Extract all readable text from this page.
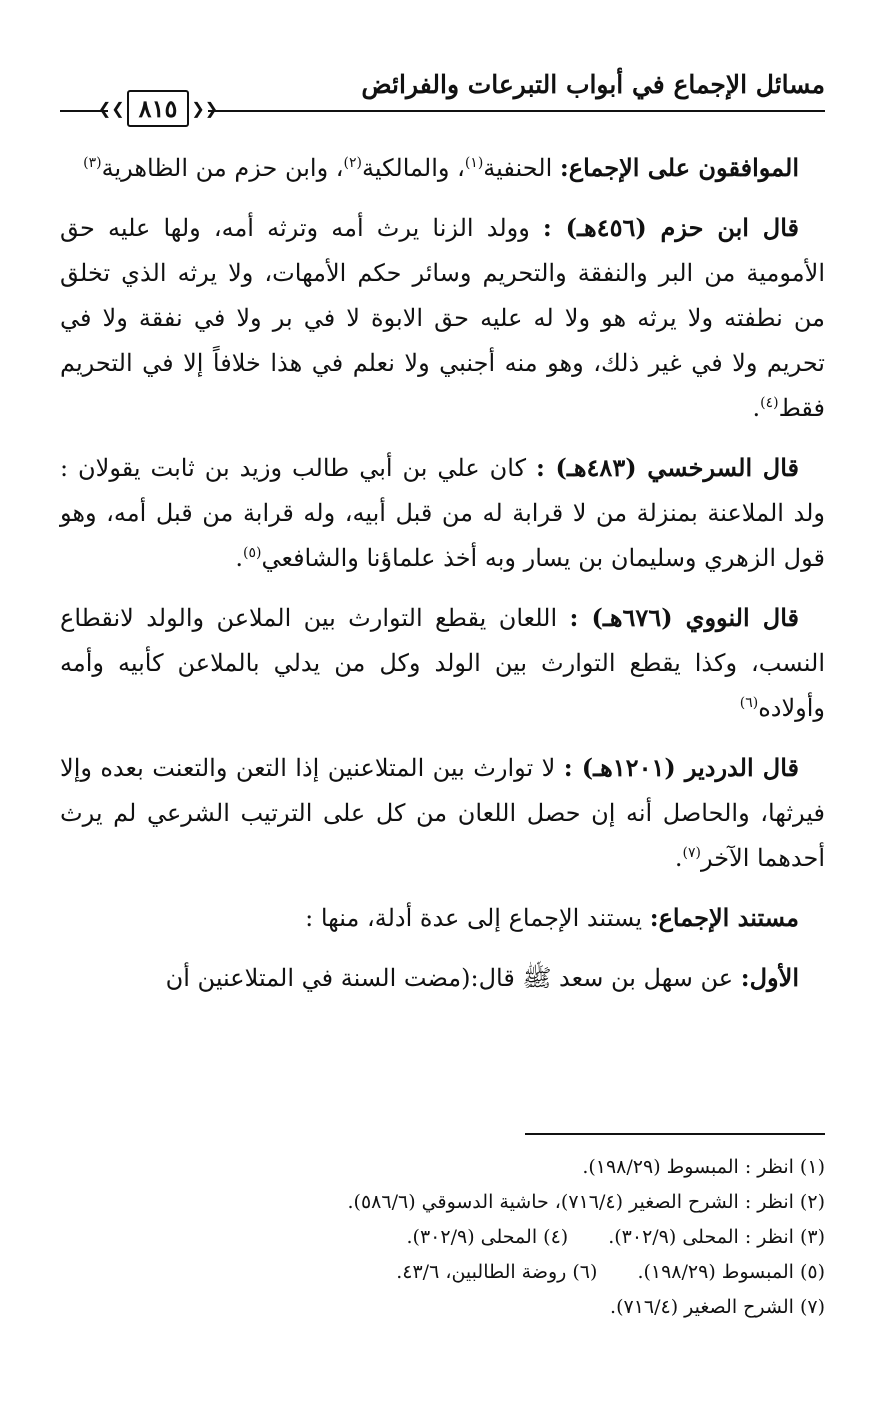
مسائل الإجماع في أبواب التبرعات والفرائض
❮❮ ٨١٥ ❯❯

الموافقون على الإجماع: الحنفية$^{(١)}$، والمالكية$^{(٢)}$، وابن حزم من الظاهرية$^{(٣)}$

قال ابن حزم (٤٥٦هـ) : وولد الزنا يرث أمه وترثه أمه، ولها عليه حق الأمومية من البر والنفقة والتحريم وسائر حكم الأمهات، ولا يرثه الذي تخلق من نطفته ولا يرثه هو ولا له عليه حق الابوة لا في بر ولا في نفقة ولا في تحريم ولا في غير ذلك، وهو منه أجنبي ولا نعلم في هذا خلافاً إلا في التحريم فقط$^{(٤)}$.

قال السرخسي (٤٨٣هـ) : كان علي بن أبي طالب وزيد بن ثابت يقولان : ولد الملاعنة بمنزلة من لا قرابة له من قبل أبيه، وله قرابة من قبل أمه، وهو قول الزهري وسليمان بن يسار وبه أخذ علماؤنا والشافعي$^{(٥)}$.

قال النووي (٦٧٦هـ) : اللعان يقطع التوارث بين الملاعن والولد لانقطاع النسب، وكذا يقطع التوارث بين الولد وكل من يدلي بالملاعن كأبيه وأمه وأولاده$^{(٦)}$

قال الدردير (١٢٠١هـ) : لا توارث بين المتلاعنين إذا التعن والتعنت بعده وإلا فيرثها، والحاصل أنه إن حصل اللعان من كل على الترتيب الشرعي لم يرث أحدهما الآخر$^{(٧)}$.

مستند الإجماع: يستند الإجماع إلى عدة أدلة، منها :

الأول: عن سهل بن سعد ﷺ قال:(مضت السنة في المتلاعنين أن

(١) انظر : المبسوط (١٩٨/٢٩).
(٢) انظر : الشرح الصغير (٧١٦/٤)، حاشية الدسوقي (٥٨٦/٦).
(٣) انظر : المحلى (٣٠٢/٩).
(٤) المحلى (٣٠٢/٩).
(٥) المبسوط (١٩٨/٢٩).
(٦) روضة الطالبين، ٤٣/٦.
(٧) الشرح الصغير (٧١٦/٤).
